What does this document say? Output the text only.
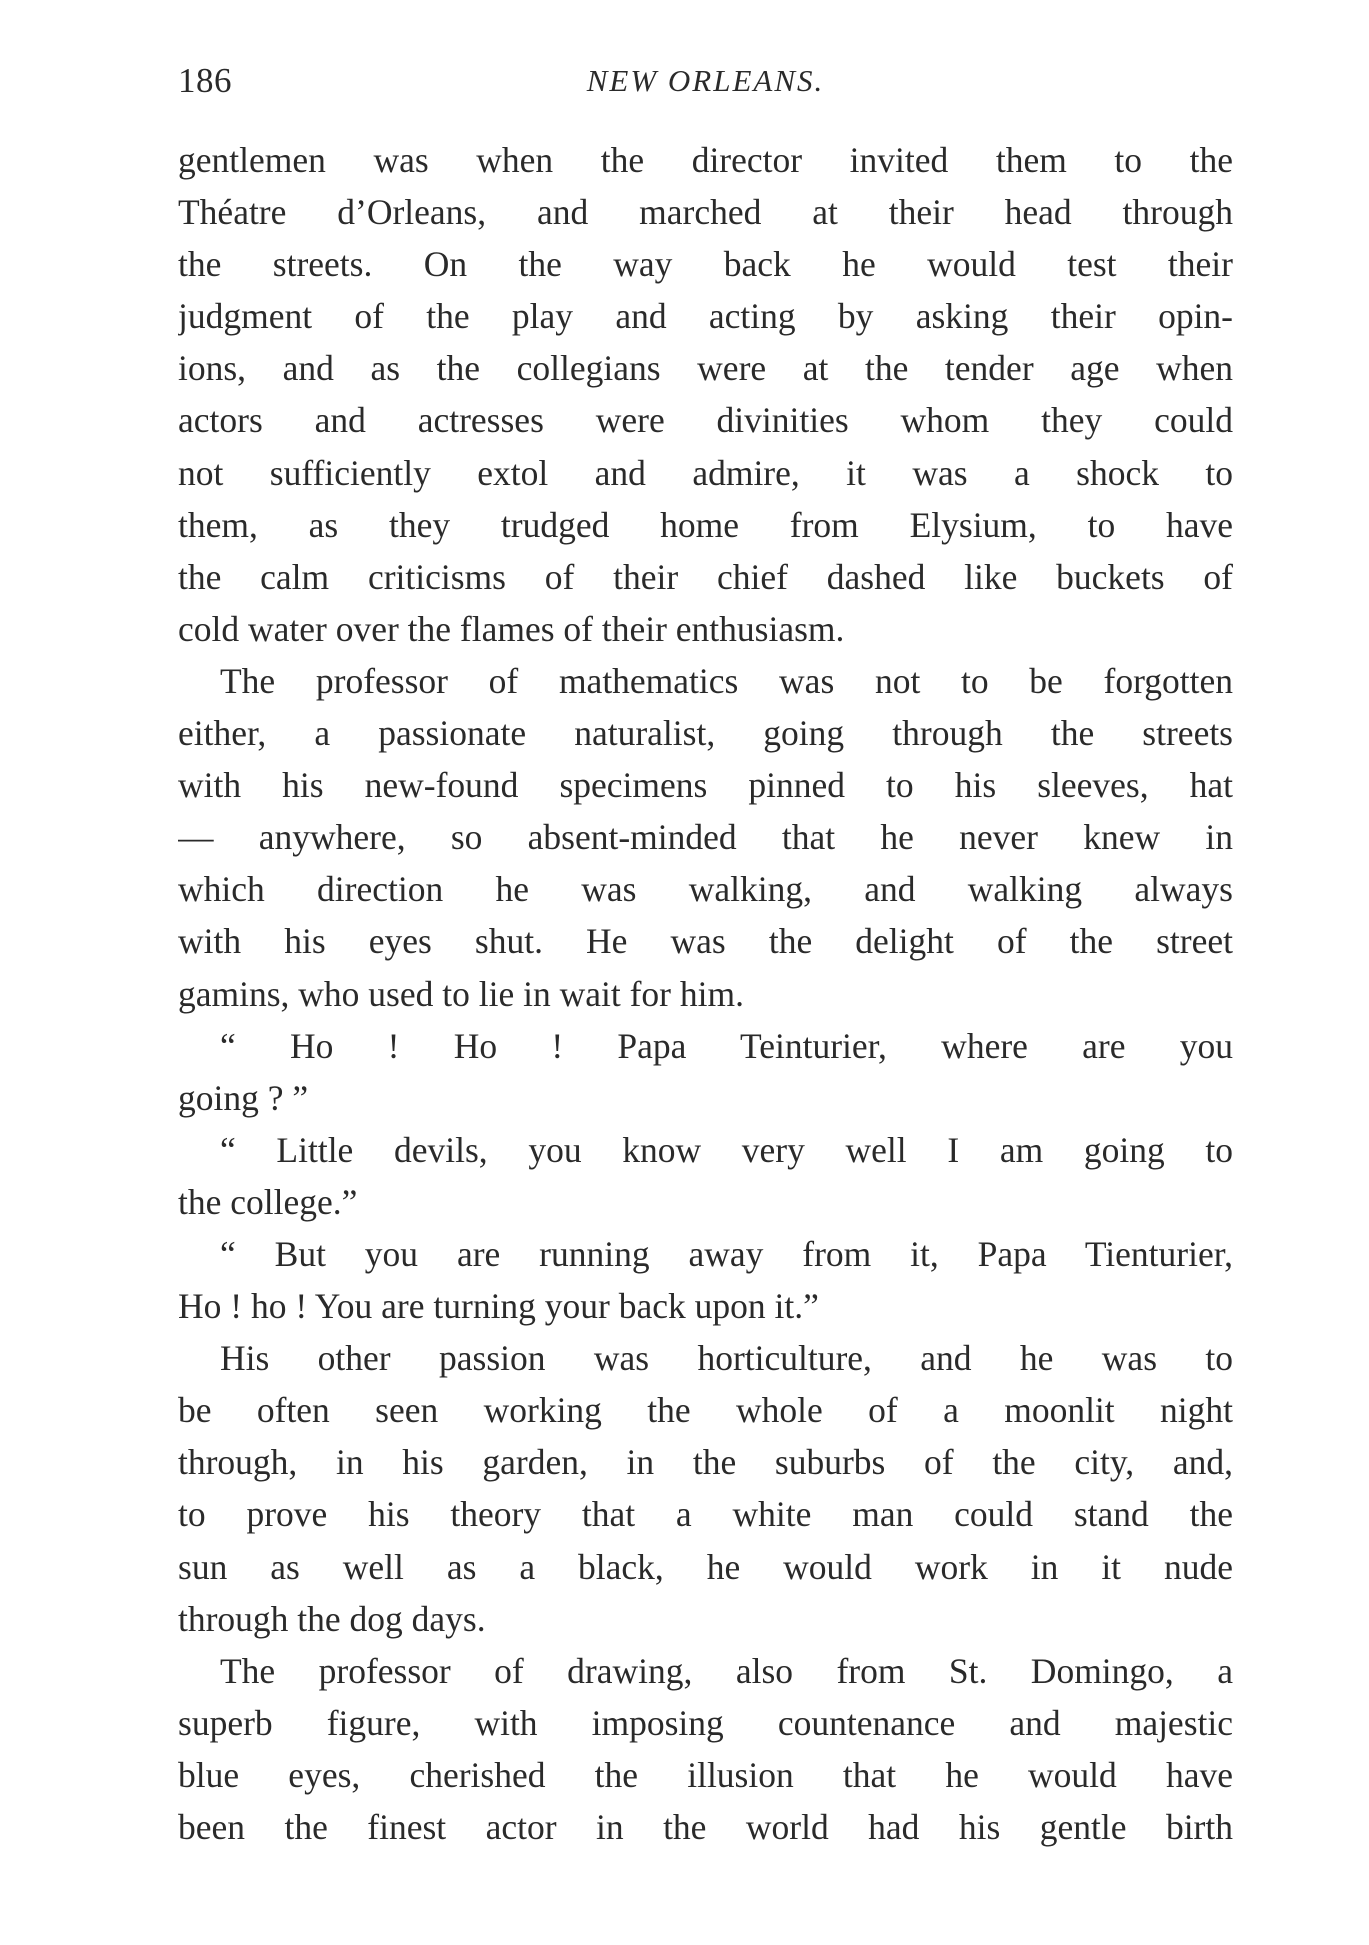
186	NEW ORLEANS.
gentlemen was when the director invited them to the
Théatre d’Orleans, and marched at their head through
the streets. On the way back he would test their
judgment of the play and acting by asking their opin-
ions, and as the collegians were at the tender age when
actors and actresses were divinities whom they could
not sufficiently extol and admire, it was a shock to
them, as they trudged home from Elysium, to have
the calm criticisms of their chief dashed like buckets of
cold water over the flames of their enthusiasm.
The professor of mathematics was not to be forgotten
either, a passionate naturalist, going through the streets
with his new-found specimens pinned to his sleeves, hat
— anywhere, so absent-minded that he never knew in
which direction he was walking, and walking always
with his eyes shut. He was the delight of the street
gamins, who used to lie in wait for him.
“ Ho ! Ho ! Papa Teinturier, where are you
going ? ”
“ Little devils, you know very well I am going to
the college.”
“ But you are running away from it, Papa Tienturier,
Ho ! ho ! You are turning your back upon it.”
His other passion was horticulture, and he was to
be often seen working the whole of a moonlit night
through, in his garden, in the suburbs of the city, and,
to prove his theory that a white man could stand the
sun as well as a black, he would work in it nude
through the dog days.
The professor of drawing, also from St. Domingo, a
superb figure, with imposing countenance and majestic
blue eyes, cherished the illusion that he would have
been the finest actor in the world had his gentle birth
